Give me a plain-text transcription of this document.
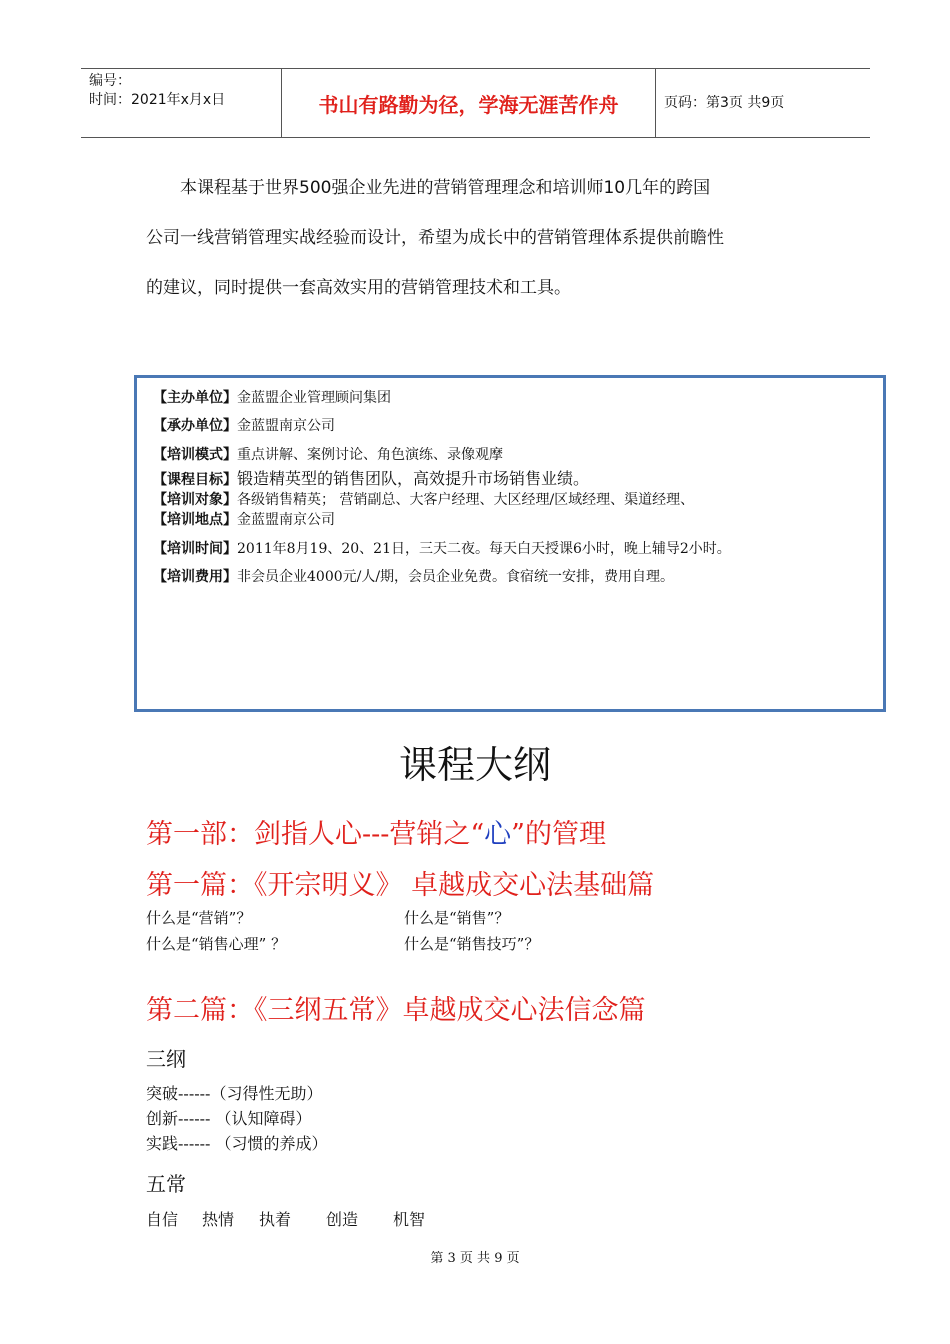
编号：
时间：2021年x月x日	书山有路勤为径，学海无涯苦作舟	页码：第3页 共9页
本课程基于世界500强企业先进的营销管理理念和培训师10几年的跨国
公司一线营销管理实战经验而设计，希望为成长中的营销管理体系提供前瞻性
的建议，同时提供一套高效实用的营销管理技术和工具。
【主办单位】金蓝盟企业管理顾问集团
【承办单位】金蓝盟南京公司
【培训模式】重点讲解、案例讨论、角色演练、录像观摩
【课程目标】锻造精英型的销售团队，高效提升市场销售业绩。
【培训对象】各级销售精英； 营销副总、大客户经理、大区经理/区域经理、渠道经理、
【培训地点】金蓝盟南京公司
【培训时间】2011年8月19、20、21日，三天二夜。每天白天授课6小时，晚上辅导2小时。
【培训费用】非会员企业4000元/人/期，会员企业免费。食宿统一安排，费用自理。
课程大纲
第一部：剑指人心---营销之“心”的管理
第一篇：《开宗明义》 卓越成交心法基础篇
什么是“营销”？	什么是“销售”？
什么是“销售心理” ？	什么是“销售技巧”？
第二篇：《三纲五常》卓越成交心法信念篇
三纲
突破------（习得性无助）
创新------ （认知障碍）
实践------ （习惯的养成）
五常
自信 热情 执着 创造 机智
第 3 页 共 9 页
